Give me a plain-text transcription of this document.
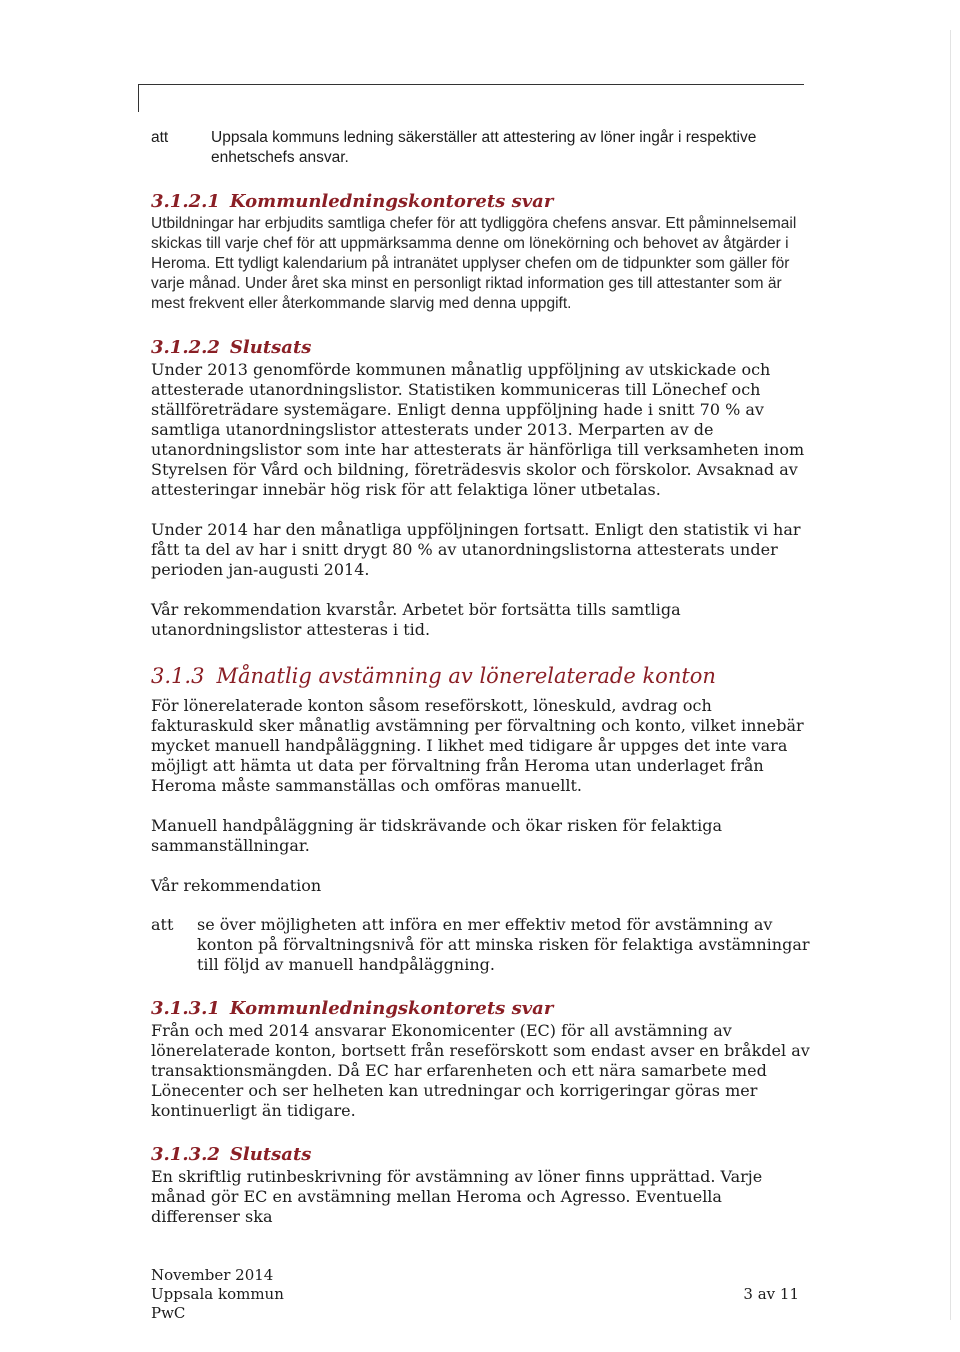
att	Uppsala kommuns ledning säkerställer att attestering av löner ingår i respektive enhetschefs ansvar.
3.1.2.1 Kommunledningskontorets svar

Utbildningar har erbjudits samtliga chefer för att tydliggöra chefens ansvar. Ett påminnelsemail skickas till varje chef för att uppmärksamma denne om lönekörning och behovet av åtgärder i Heroma. Ett tydligt kalendarium på intranätet upplyser chefen om de tidpunkter som gäller för varje månad. Under året ska minst en personligt riktad information ges till attestanter som är mest frekvent eller återkommande slarvig med denna uppgift.

3.1.2.2 Slutsats

Under 2013 genomförde kommunen månatlig uppföljning av utskickade och attesterade utanordningslistor. Statistiken kommuniceras till Lönechef och ställföreträdare systemägare. Enligt denna uppföljning hade i snitt 70 % av samtliga utanordningslistor attesterats under 2013. Merparten av de utanordningslistor som inte har attesterats är hänförliga till verksamheten inom Styrelsen för Vård och bildning, företrädesvis skolor och förskolor. Avsaknad av attesteringar innebär hög risk för att felaktiga löner utbetalas.

Under 2014 har den månatliga uppföljningen fortsatt. Enligt den statistik vi har fått ta del av har i snitt drygt 80 % av utanordningslistorna attesterats under perioden jan-augusti 2014.

Vår rekommendation kvarstår. Arbetet bör fortsätta tills samtliga utanordningslistor attesteras i tid.

3.1.3 Månatlig avstämning av lönerelaterade konton

För lönerelaterade konton såsom reseförskott, löneskuld, avdrag och fakturaskuld sker månatlig avstämning per förvaltning och konto, vilket innebär mycket manuell handpåläggning. I likhet med tidigare år uppges det inte vara möjligt att hämta ut data per förvaltning från Heroma utan underlaget från Heroma måste sammanställas och omföras manuellt.

Manuell handpåläggning är tidskrävande och ökar risken för felaktiga sammanställningar.

Vår rekommendation

att	se över möjligheten att införa en mer effektiv metod för avstämning av konton på förvaltningsnivå för att minska risken för felaktiga avstämningar till följd av manuell handpåläggning.
3.1.3.1 Kommunledningskontorets svar

Från och med 2014 ansvarar Ekonomicenter (EC) för all avstämning av lönerelaterade konton, bortsett från reseförskott som endast avser en bråkdel av transaktionsmängden. Då EC har erfarenheten och ett nära samarbete med Lönecenter och ser helheten kan utredningar och korrigeringar göras mer kontinuerligt än tidigare.

3.1.3.2 Slutsats

En skriftlig rutinbeskrivning för avstämning av löner finns upprättad. Varje månad gör EC en avstämning mellan Heroma och Agresso. Eventuella differenser ska

November 2014
Uppsala kommun
PwC
3 av 11
